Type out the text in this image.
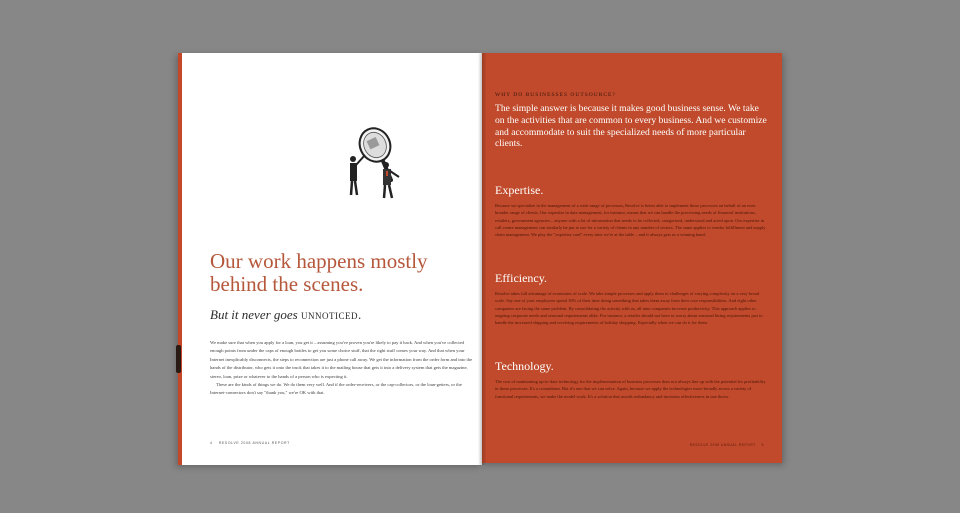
Our work happens mostly
behind the scenes.
But it never goes unnoticed.

We make sure that when you apply for a loan, you get it – assuming you've proven you're likely to pay it back. And when you've collected enough points from under the caps of enough bottles to get you some choice stuff, that the right stuff comes your way. And that when your Internet inexplicably disconnects, the steps to reconnection are just a phone call away. We get the information from the order form and into the hands of the distributor, who gets it onto the truck that takes it to the mailing house that gets it into a delivery system that gets the magazine, stereo, loan, prize or whatever to the hands of a person who is expecting it.

These are the kinds of things we do. We do them very well. And if the order-receivers, or the cap-collectors, or the loan-getters, or the Internet-connectors don't say "thank you," we're OK with that.

4 RESOLVE 2008 ANNUAL REPORT
WHY DO BUSINESSES OUTSOURCE?
The simple answer is because it makes good business sense. We take on the activities that are common to every business. And we customize and accommodate to suit the specialized needs of more particular clients.
Expertise.
Because we specialize in the management of a wide range of processes, Resolve is better able to implement those processes on behalf of an even broader range of clients. Our expertise in data management, for instance, means that we can handle the processing needs of financial institutions, retailers, government agencies... anyone with a lot of information that needs to be collected, categorized, understood and acted upon. Our expertise in call centre management can similarly be put to use for a variety of clients in any number of sectors. The same applies to vendor fulfillment and supply chain management. We play the "expertise card" every time we're at the table – and it always gets us a winning hand.
Efficiency.
Resolve takes full advantage of economies of scale. We take simple processes and apply them to challenges of varying complexity on a very broad scale. Say one of your employees spend 10% of their time doing something that takes them away from their core responsibilities. And eight other companies are facing the same problem. By consolidating the activity with us, all nine companies increase productivity. This approach applies to ongoing corporate needs and seasonal requirements alike. For instance, a retailer should not have to worry about seasonal hiring requirements just to handle the increased shipping and receiving requirements of holiday shopping. Especially when we can do it for them.
Technology.
The cost of maintaining up-to-date technology for the implementation of business processes does not always line up with the potential for profitability in those processes. It's a conundrum. But it's one that we can solve. Again, because we apply the technologies more broadly across a variety of functional requirements, we make the model work. It's a solution that avoids redundancy and increases effectiveness in one throw.
RESOLVE 2008 ANNUAL REPORT 5
